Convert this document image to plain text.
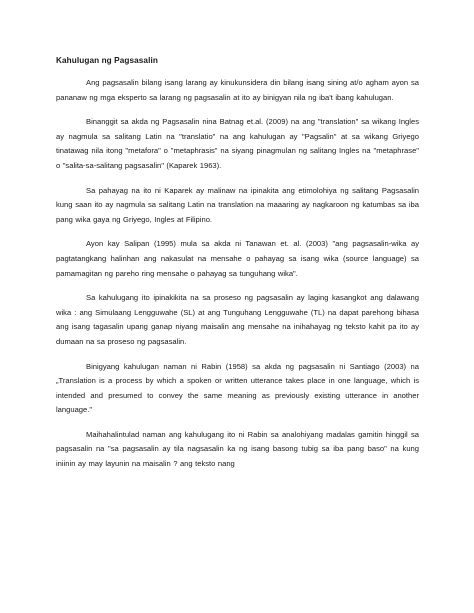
Kahulugan ng Pagsasalin

Ang pagsasalin bilang isang larang ay kinukunsidera din bilang isang sining at/o agham ayon sa pananaw ng mga eksperto sa larang ng pagsasalin at ito ay binigyan nila ng iba't ibang kahulugan.

Binanggit sa akda ng Pagsasalin nina Batnag et.al. (2009) na ang "translation" sa wikang Ingles ay nagmula sa salitang Latin na "translatio" na ang kahulugan ay "Pagsalin" at sa wikang Griyego tinatawag nila itong "metafora" o "metaphrasis" na siyang pinagmulan ng salitang Ingles na "metaphrase" o "salita-sa-salitang pagsasalin" (Kaparek 1963).

Sa pahayag na ito ni Kaparek ay malinaw na ipinakita ang etimolohiya ng salitang Pagsasalin kung saan ito ay nagmula sa salitang Latin na translation na maaaring ay nagkaroon ng katumbas sa iba pang wika gaya ng Griyego, Ingles at Filipino.

Ayon kay Salipan (1995) mula sa akda ni Tanawan et. al. (2003) "ang pagsasalin-wika ay pagtatangkang halinhan ang nakasulat na mensahe o pahayag sa isang wika (source language) sa pamamagitan ng pareho ring mensahe o pahayag sa tunguhang wika".

Sa kahulugang ito ipinakikita na sa proseso ng pagsasalin ay laging kasangkot ang dalawang wika : ang Simulaang Lengguwahe (SL) at ang Tunguhang Lengguwahe (TL) na dapat parehong bihasa ang isang tagasalin upang ganap niyang maisalin ang mensahe na inihahayag ng teksto kahit pa ito ay dumaan na sa proseso ng pagsasalin.

Binigyang kahulugan naman ni Rabin (1958) sa akda ng pagsasalin ni Santiago (2003) na „Translation is a process by which a spoken or written utterance takes place in one language, which is intended and presumed to convey the same meaning as previously existing utterance in another language."

Maihahalintulad naman ang kahulugang ito ni Rabin sa analohiyang madalas gamitin hinggil sa pagsasalin na "sa pagsasalin ay tila nagsasalin ka ng isang basong tubig sa iba pang baso" na kung iniinin ay may layunin na maisalin ? ang teksto nang
